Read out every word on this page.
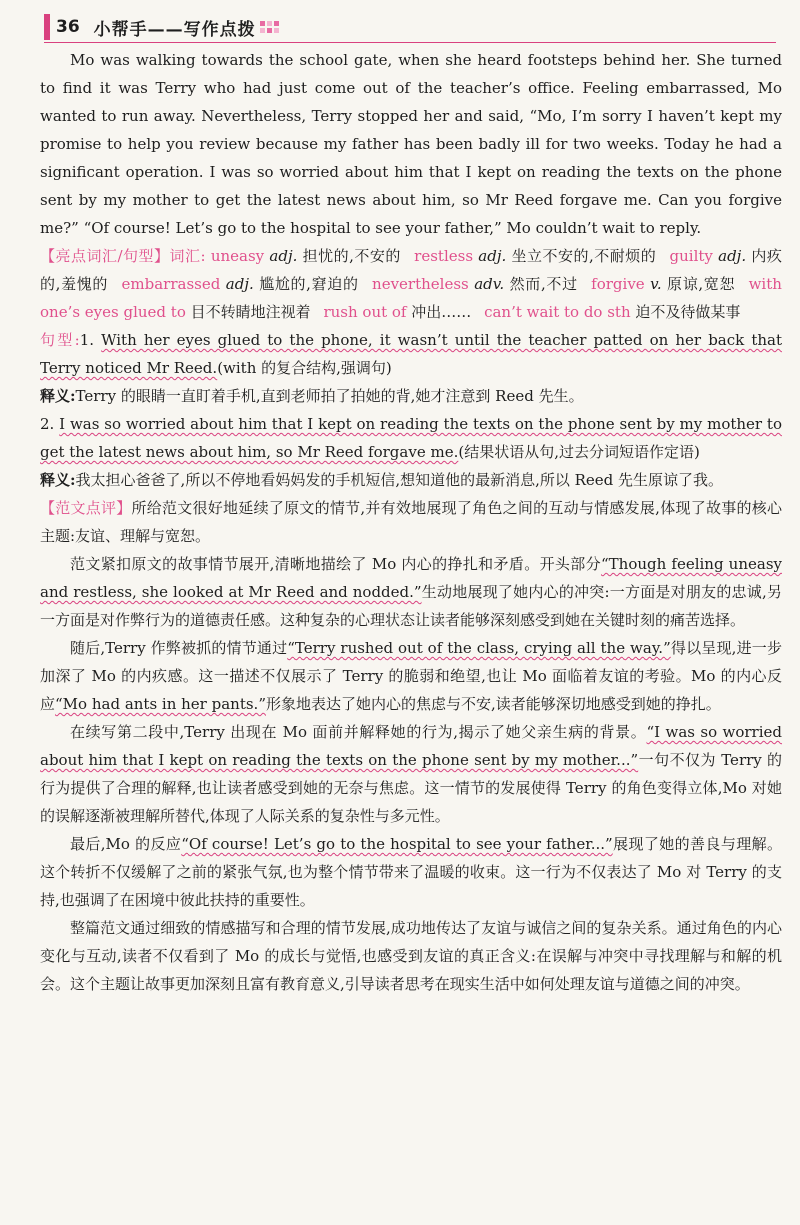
36 小帮手——写作点拨

Mo was walking towards the school gate, when she heard footsteps behind her. She turned to find it was Terry who had just come out of the teacher’s office. Feeling embarrassed, Mo wanted to run away. Nevertheless, Terry stopped her and said, “Mo, I’m sorry I haven’t kept my promise to help you review because my father has been badly ill for two weeks. Today he had a significant operation. I was so worried about him that I kept on reading the texts on the phone sent by my mother to get the latest news about him, so Mr Reed forgave me. Can you forgive me?” “Of course! Let’s go to the hospital to see your father,” Mo couldn’t wait to reply.

【亮点词汇/句型】词汇: uneasy adj. 担忧的,不安的 restless adj. 坐立不安的,不耐烦的 guilty adj. 内疚的,羞愧的 embarrassed adj. 尴尬的,窘迫的 nevertheless adv. 然而,不过 forgive v. 原谅,宽恕 with one’s eyes glued to 目不转睛地注视着 rush out of 冲出…… can’t wait to do sth 迫不及待做某事

句型:1. With her eyes glued to the phone, it wasn’t until the teacher patted on her back that Terry noticed Mr Reed.(with 的复合结构,强调句)

释义:Terry 的眼睛一直盯着手机,直到老师拍了拍她的背,她才注意到 Reed 先生。

2. I was so worried about him that I kept on reading the texts on the phone sent by my mother to get the latest news about him, so Mr Reed forgave me.(结果状语从句,过去分词短语作定语)

释义:我太担心爸爸了,所以不停地看妈妈发的手机短信,想知道他的最新消息,所以 Reed 先生原谅了我。

【范文点评】所给范文很好地延续了原文的情节,并有效地展现了角色之间的互动与情感发展,体现了故事的核心主题:友谊、理解与宽恕。

范文紧扣原文的故事情节展开,清晰地描绘了 Mo 内心的挣扎和矛盾。开头部分“Though feeling uneasy and restless, she looked at Mr Reed and nodded.”生动地展现了她内心的冲突:一方面是对朋友的忠诚,另一方面是对作弊行为的道德责任感。这种复杂的心理状态让读者能够深刻感受到她在关键时刻的痛苦选择。

随后,Terry 作弊被抓的情节通过“Terry rushed out of the class, crying all the way.”得以呈现,进一步加深了 Mo 的内疚感。这一描述不仅展示了 Terry 的脆弱和绝望,也让 Mo 面临着友谊的考验。Mo 的内心反应“Mo had ants in her pants.”形象地表达了她内心的焦虑与不安,读者能够深切地感受到她的挣扎。

在续写第二段中,Terry 出现在 Mo 面前并解释她的行为,揭示了她父亲生病的背景。“I was so worried about him that I kept on reading the texts on the phone sent by my mother...”一句不仅为 Terry 的行为提供了合理的解释,也让读者感受到她的无奈与焦虑。这一情节的发展使得 Terry 的角色变得立体,Mo 对她的误解逐渐被理解所替代,体现了人际关系的复杂性与多元性。

最后,Mo 的反应“Of course! Let’s go to the hospital to see your father...”展现了她的善良与理解。这个转折不仅缓解了之前的紧张气氛,也为整个情节带来了温暖的收束。这一行为不仅表达了 Mo 对 Terry 的支持,也强调了在困境中彼此扶持的重要性。

整篇范文通过细致的情感描写和合理的情节发展,成功地传达了友谊与诚信之间的复杂关系。通过角色的内心变化与互动,读者不仅看到了 Mo 的成长与觉悟,也感受到友谊的真正含义:在误解与冲突中寻找理解与和解的机会。这个主题让故事更加深刻且富有教育意义,引导读者思考在现实生活中如何处理友谊与道德之间的冲突。
